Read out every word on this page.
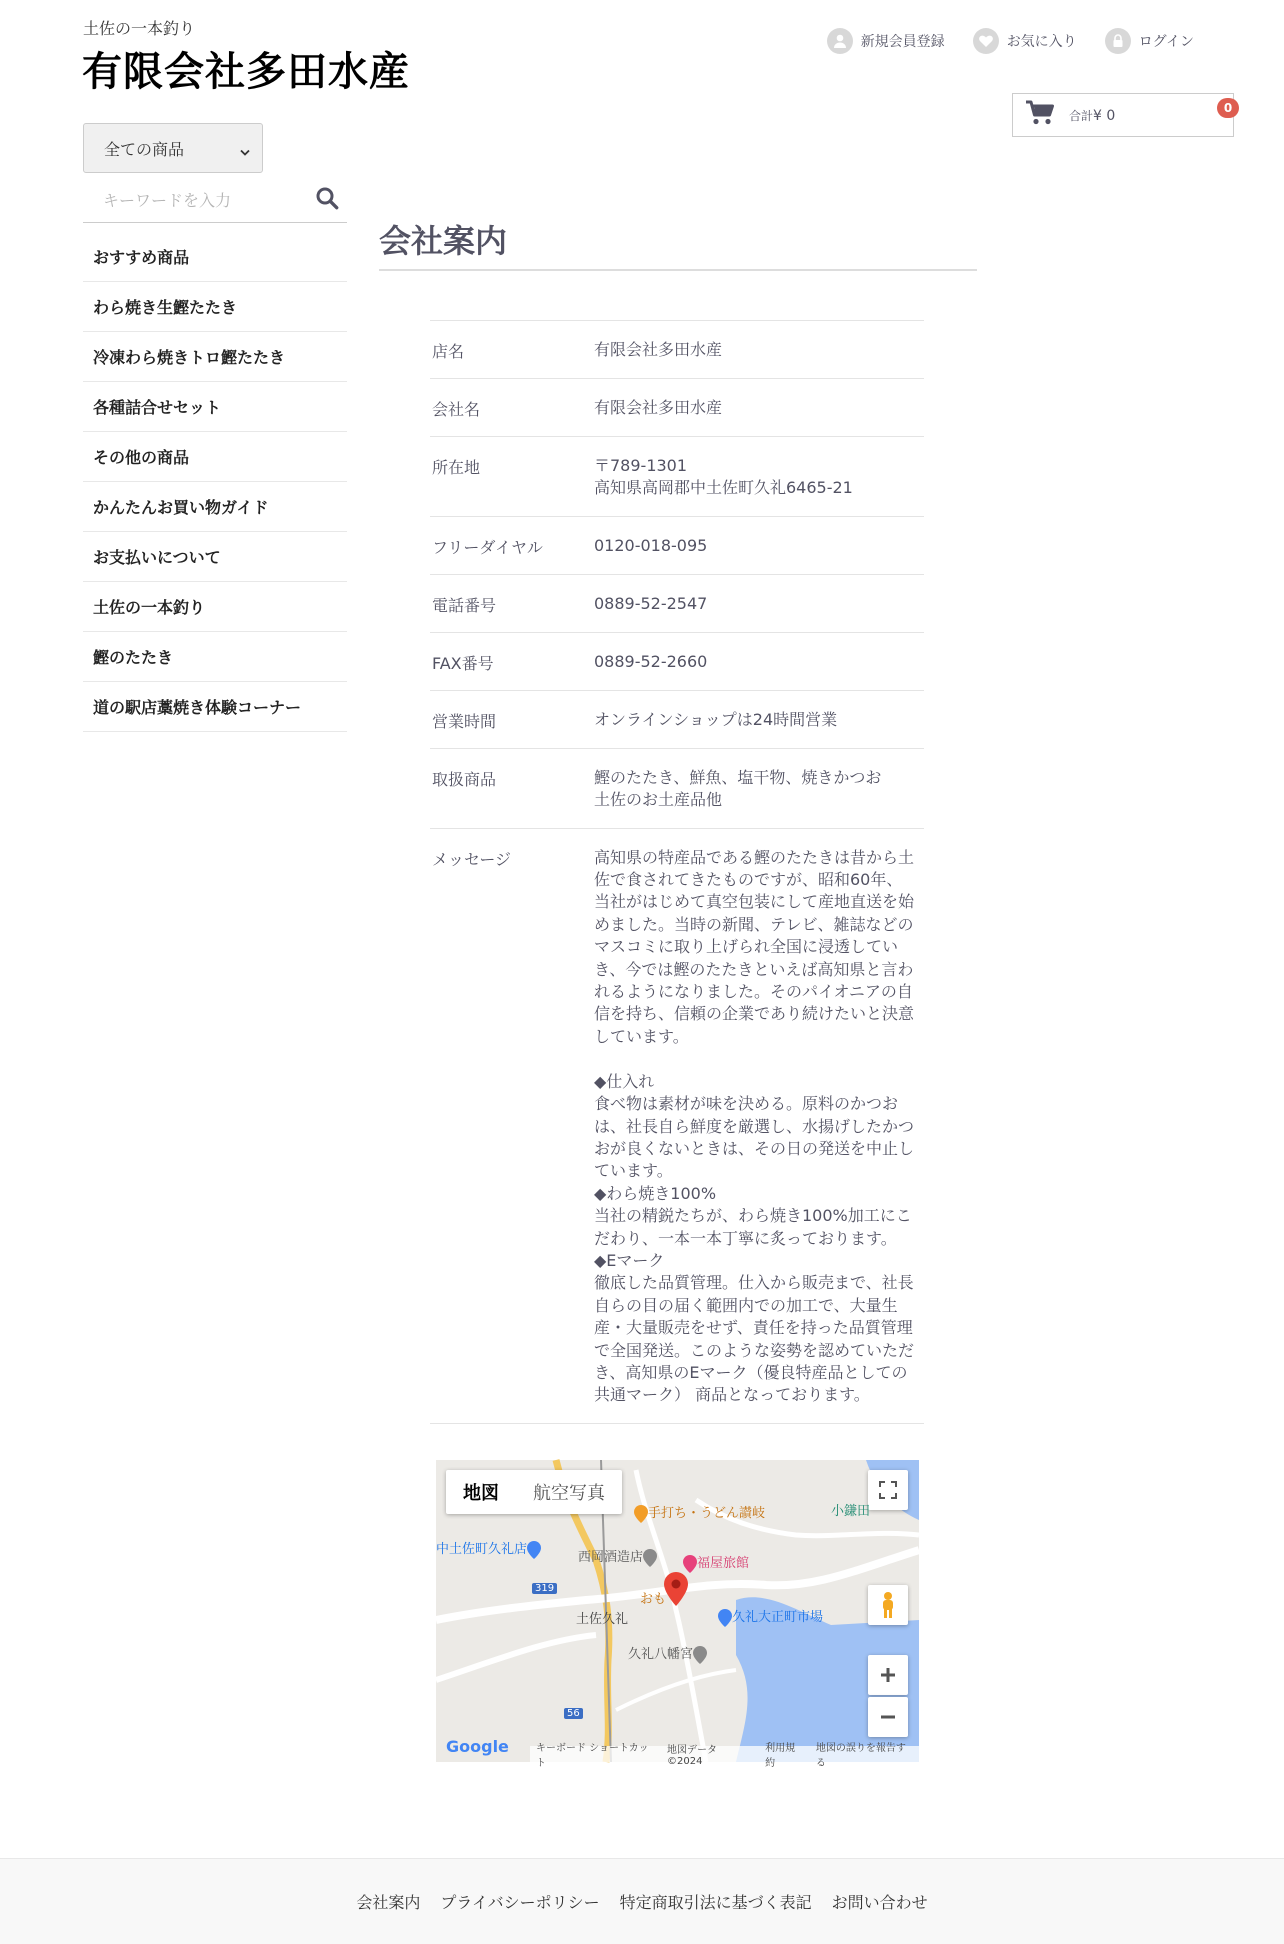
土佐の一本釣り
有限会社多田水産
新規会員登録	お気に入り	ログイン
合計¥ 0	0
全ての商品
キーワードを入力
おすすめ商品
わら焼き生鰹たたき
冷凍わら焼きトロ鰹たたき
各種詰合せセット
その他の商品
かんたんお買い物ガイド
お支払いについて
土佐の一本釣り
鰹のたたき
道の駅店藁焼き体験コーナー
会社案内
店名	有限会社多田水産
会社名	有限会社多田水産
所在地	〒789-1301
高知県高岡郡中土佐町久礼6465-21
フリーダイヤル	0120-018-095
電話番号	0889-52-2547
FAX番号	0889-52-2660
営業時間	オンラインショップは24時間営業
取扱商品	鰹のたたき、鮮魚、塩干物、焼きかつお
土佐のお土産品他
メッセージ	高知県の特産品である鰹のたたきは昔から土佐で食されてきたものですが、昭和60年、当社がはじめて真空包装にして産地直送を始めました。当時の新聞、テレビ、雑誌などのマスコミに取り上げられ全国に浸透していき、今では鰹のたたきといえば高知県と言われるようになりました。そのパイオニアの自信を持ち、信頼の企業であり続けたいと決意しています。

◆仕入れ
食べ物は素材が味を決める。原料のかつおは、社長自ら鮮度を厳選し、水揚げしたかつおが良くないときは、その日の発送を中止しています。
◆わら焼き100%
当社の精鋭たちが、わら焼き100%加工にこだわり、一本一本丁寧に炙っております。
◆Eマーク
徹底した品質管理。仕入から販売まで、社長自らの目の届く範囲内での加工で、大量生産・大量販売をせず、責任を持った品質管理で全国発送。このような姿勢を認めていただき、高知県のEマーク（優良特産品としての共通マーク） 商品となっております。
地図	航空写真
手打ち・うどん讃岐	小鎌田
中土佐町久礼店
西岡酒造店	福屋旅館
319
おも
土佐久礼	久礼大正町市場
久礼八幡宮
56
Google	キーボード ショートカット
地図データ ©2024
利用規約
地図の誤りを報告する
会社案内 プライバシーポリシー 特定商取引法に基づく表記 お問い合わせ
